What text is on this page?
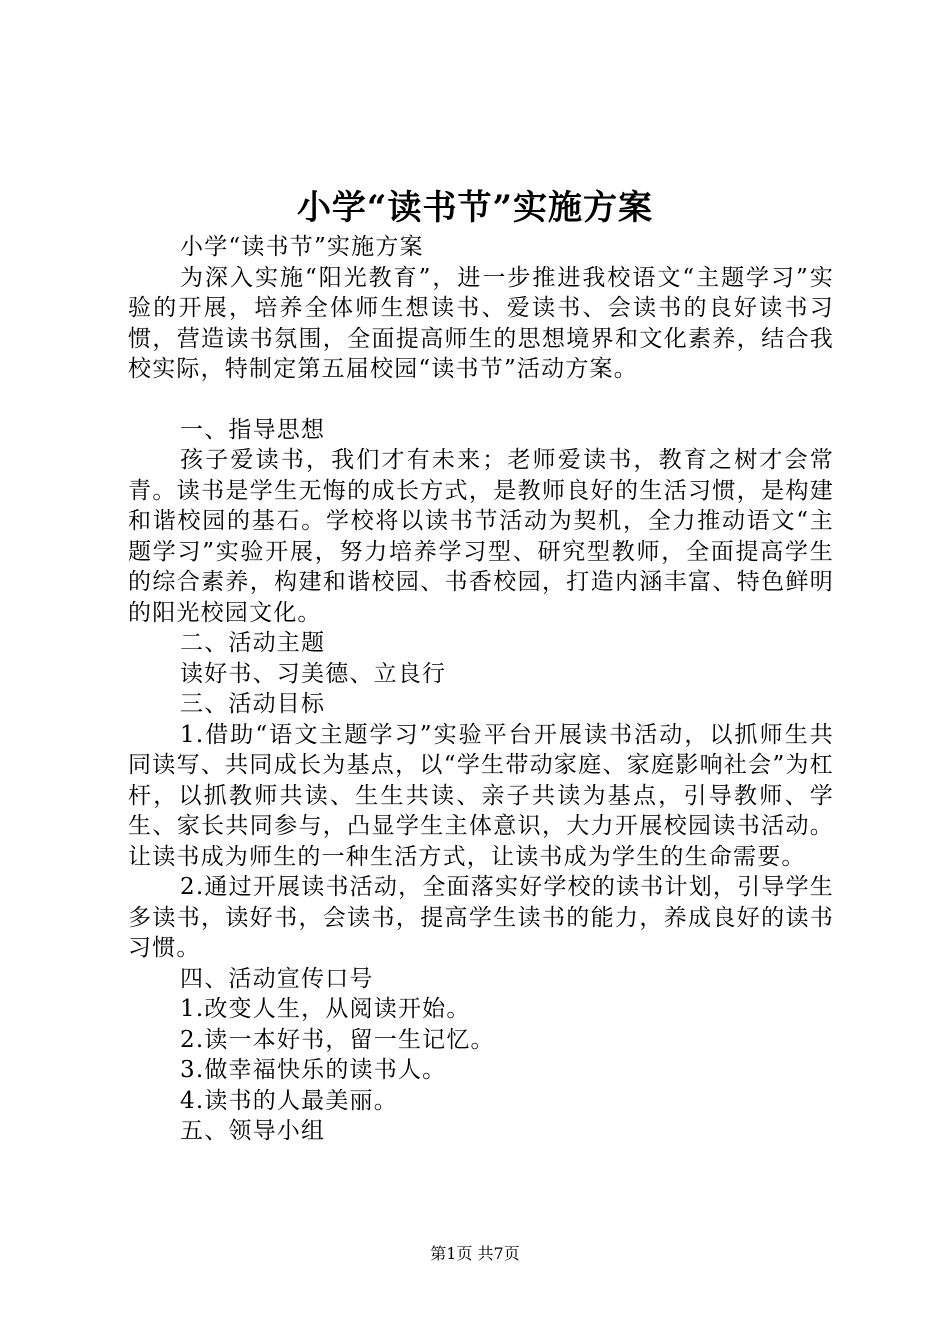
小学“读书节”实施方案

小学“读书节”实施方案

为深入实施“阳光教育”，进一步推进我校语文“主题学习”实验的开展，培养全体师生想读书、爱读书、会读书的良好读书习惯，营造读书氛围，全面提高师生的思想境界和文化素养，结合我校实际，特制定第五届校园“读书节”活动方案。

一、指导思想

孩子爱读书，我们才有未来；老师爱读书，教育之树才会常青。读书是学生无悔的成长方式，是教师良好的生活习惯，是构建和谐校园的基石。学校将以读书节活动为契机，全力推动语文“主题学习”实验开展，努力培养学习型、研究型教师，全面提高学生的综合素养，构建和谐校园、书香校园，打造内涵丰富、特色鲜明的阳光校园文化。

二、活动主题

读好书、习美德、立良行

三、活动目标

1.借助“语文主题学习”实验平台开展读书活动，以抓师生共同读写、共同成长为基点，以“学生带动家庭、家庭影响社会”为杠杆，以抓教师共读、生生共读、亲子共读为基点，引导教师、学生、家长共同参与，凸显学生主体意识，大力开展校园读书活动。让读书成为师生的一种生活方式，让读书成为学生的生命需要。

2.通过开展读书活动，全面落实好学校的读书计划，引导学生多读书，读好书，会读书，提高学生读书的能力，养成良好的读书习惯。

四、活动宣传口号

1.改变人生，从阅读开始。

2.读一本好书，留一生记忆。

3.做幸福快乐的读书人。

4.读书的人最美丽。

五、领导小组

第1页 共7页
